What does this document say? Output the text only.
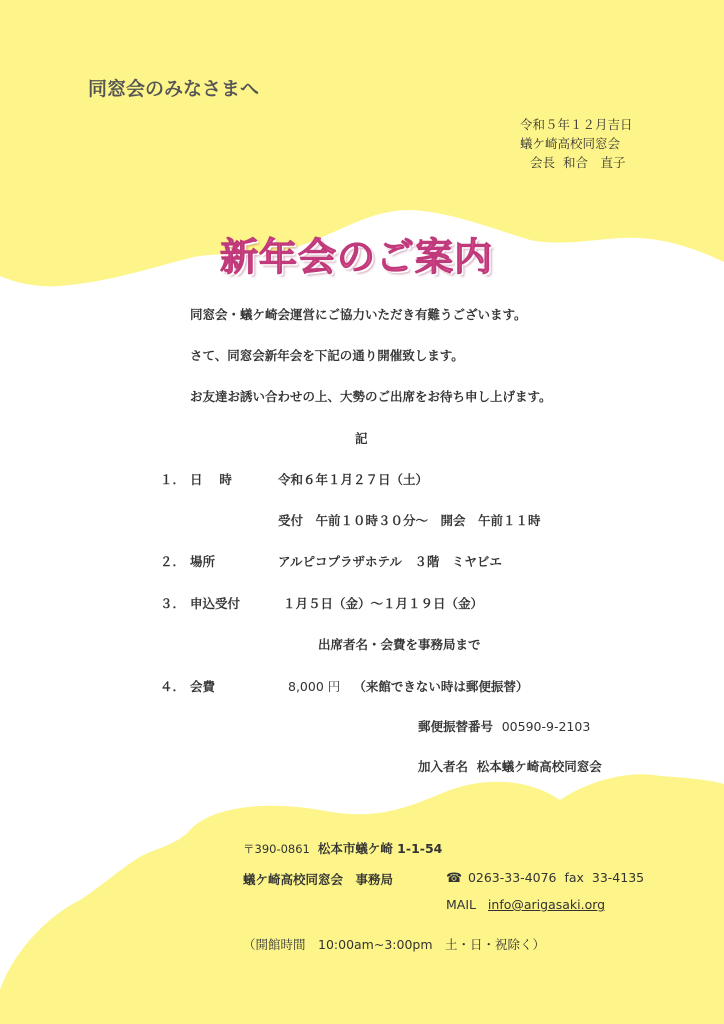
同窓会のみなさまへ
令和５年１２月吉日
蟻ケ崎高校同窓会
会長 和合　直子
新年会のご案内
同窓会・蟻ケ崎会運営にご協力いただき有難うございます。
さて、同窓会新年会を下記の通り開催致します。
お友達お誘い合わせの上、大勢のご出席をお待ち申し上げます。
記
１． 日　 時	令和６年１月２７日（土）
受付　午前１０時３０分～　開会　午前１１時
２． 場所	アルピコプラザホテル　３階　ミヤビエ
３． 申込受付	１月５日（金）～１月１９日（金）
出席者名・会費を事務局まで
４． 会費	8,000 円 （来館できない時は郵便振替）
郵便振替番号 00590-9-2103
加入者名 松本蟻ケ崎高校同窓会
〒390-0861 松本市蟻ケ崎 1-1-54
蟻ケ崎高校同窓会　事務局	☎ 0263-33-4076 fax 33-4135
MAIL info@arigasaki.org
（開館時間　10:00am~3:00pm　土・日・祝除く）
